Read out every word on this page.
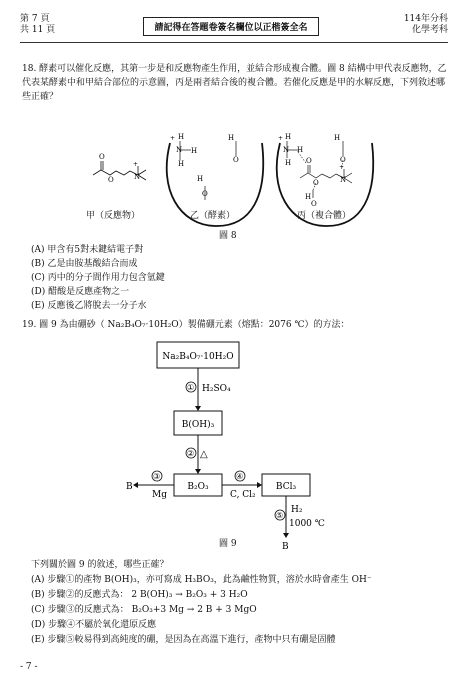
第 7 頁
共 11 頁	請記得在答題卷簽名欄位以正楷簽全名
114年分科
化學考科
18. 酵素可以催化反應，其第一步是和反應物產生作用，並結合形成複合體。圖 8 結構中甲代表反應物，乙代表某酵素中和甲結合部位的示意圖，丙是兩者結合後的複合體。若催化反應是甲的水解反應，下列敘述哪些正確？
O
O	N
+
+ H
N H
H
H
O
H
O
+ H
N H
H
H
O
O
O	N
+
H
O
Na₂B₄O₇·10H₂O
① H₂SO₄
B(OH)₃
② △
B₂O₃
③
Mg
B
④
C, Cl₂
BCl₃
⑤
H₂
1000 ℃
B
甲（反應物）	乙（酵素）	丙（複合體）
圖 8
(A) 甲含有5對未鍵結電子對
(B) 乙是由胺基酸結合而成
(C) 丙中的分子間作用力包含氫鍵
(D) 醋酸是反應產物之一
(E) 反應後乙將脫去一分子水
19. 圖 9 為由硼砂（ Na₂B₄O₇‧10H₂O）製備硼元素（熔點：2076 ℃）的方法：
圖 9
下列關於圖 9 的敘述，哪些正確？
(A) 步驟①的產物 B(OH)₃，亦可寫成 H₃BO₃，此為鹼性物質，溶於水時會產生 OH⁻
(B) 步驟②的反應式為： 2 B(OH)₃ → B₂O₃ + 3 H₂O
(C) 步驟③的反應式為： B₂O₃+3 Mg → 2 B + 3 MgO
(D) 步驟④不屬於氧化還原反應
(E) 步驟⑤較易得到高純度的硼，是因為在高溫下進行，產物中只有硼是固體
- 7 -
